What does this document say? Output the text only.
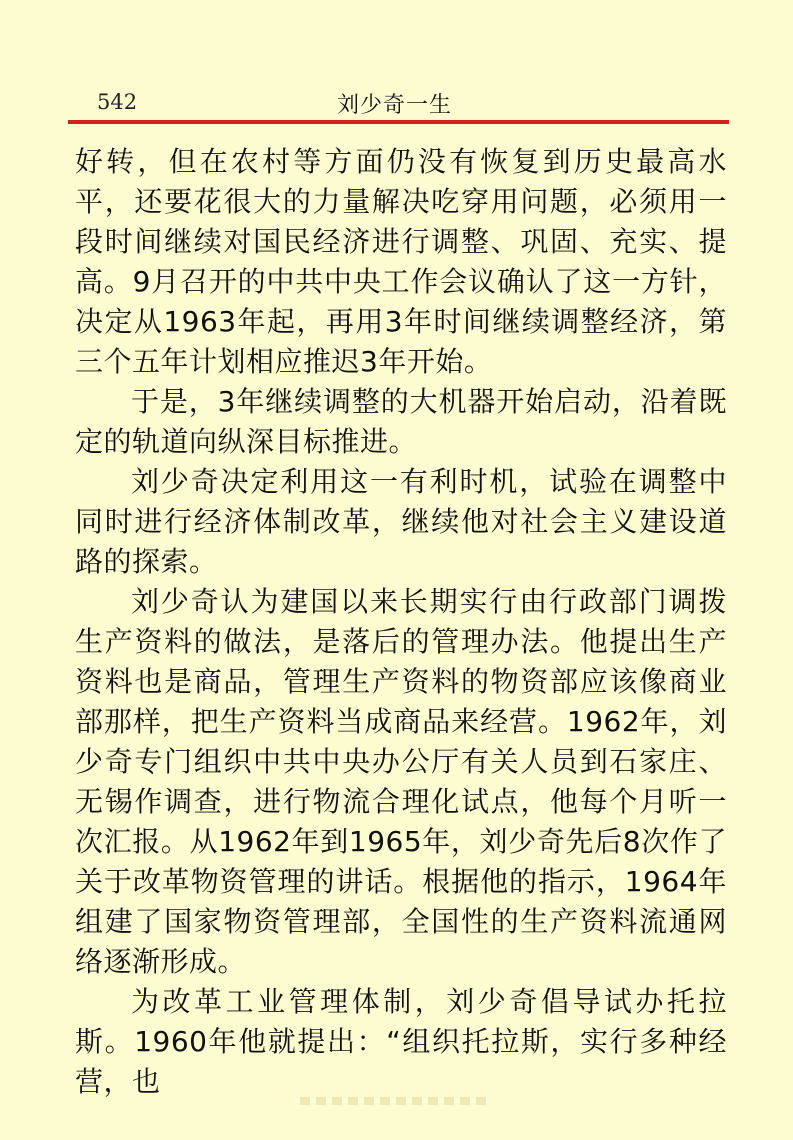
542	刘少奇一生

好转，但在农村等方面仍没有恢复到历史最高水平，还要花很大的力量解决吃穿用问题，必须用一段时间继续对国民经济进行调整、巩固、充实、提高。9月召开的中共中央工作会议确认了这一方针，决定从1963年起，再用3年时间继续调整经济，第三个五年计划相应推迟3年开始。

于是，3年继续调整的大机器开始启动，沿着既定的轨道向纵深目标推进。

刘少奇决定利用这一有利时机，试验在调整中同时进行经济体制改革，继续他对社会主义建设道路的探索。

刘少奇认为建国以来长期实行由行政部门调拨生产资料的做法，是落后的管理办法。他提出生产资料也是商品，管理生产资料的物资部应该像商业部那样，把生产资料当成商品来经营。1962年，刘少奇专门组织中共中央办公厅有关人员到石家庄、无锡作调查，进行物流合理化试点，他每个月听一次汇报。从1962年到1965年，刘少奇先后8次作了关于改革物资管理的讲话。根据他的指示，1964年组建了国家物资管理部，全国性的生产资料流通网络逐渐形成。

为改革工业管理体制，刘少奇倡导试办托拉斯。1960年他就提出：“组织托拉斯，实行多种经营，也
